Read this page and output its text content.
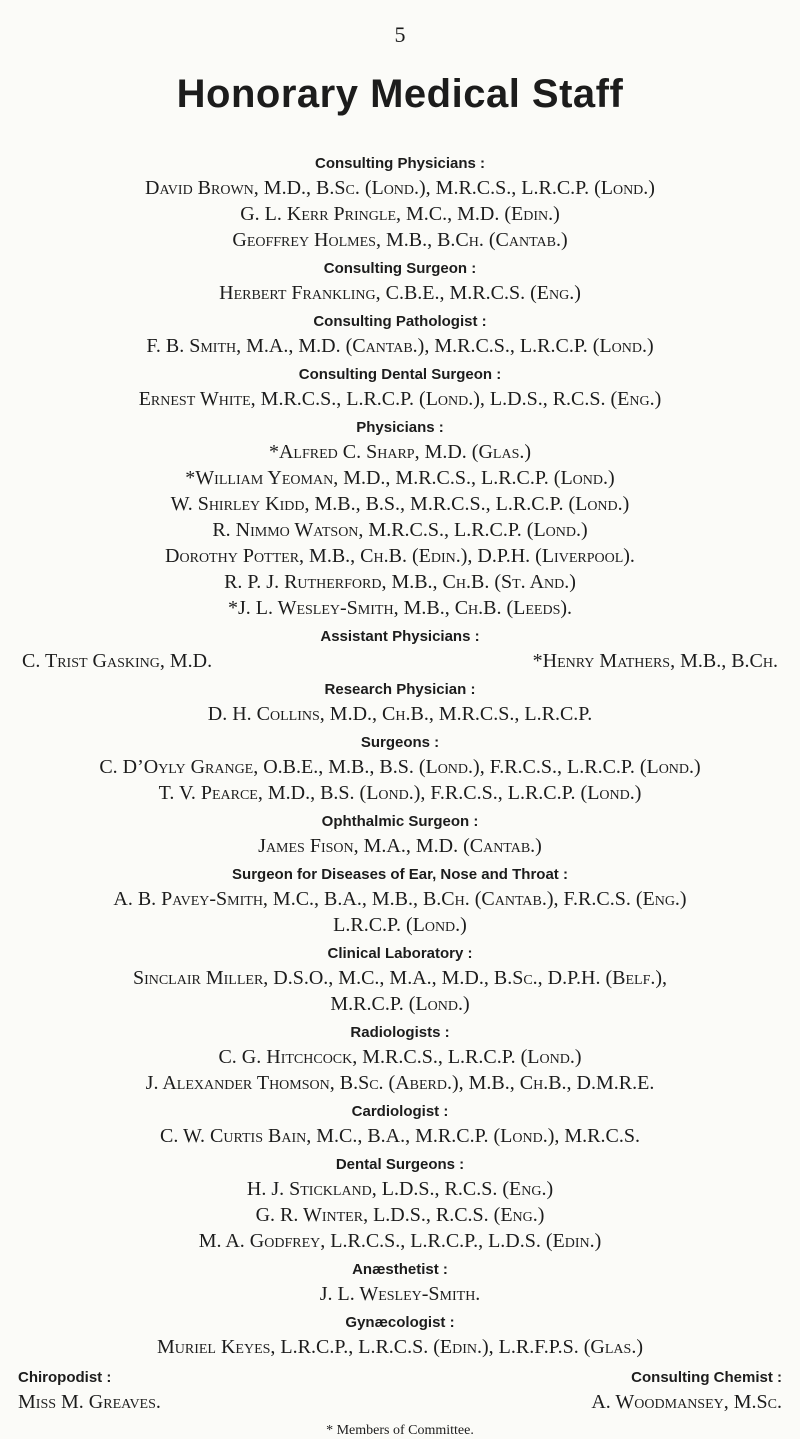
5
Honorary Medical Staff
Consulting Physicians :
David Brown, M.D., B.Sc. (Lond.), M.R.C.S., L.R.C.P. (Lond.)
G. L. Kerr Pringle, M.C., M.D. (Edin.)
Geoffrey Holmes, M.B., B.Ch. (Cantab.)
Consulting Surgeon :
Herbert Frankling, C.B.E., M.R.C.S. (Eng.)
Consulting Pathologist :
F. B. Smith, M.A., M.D. (Cantab.), M.R.C.S., L.R.C.P. (Lond.)
Consulting Dental Surgeon :
Ernest White, M.R.C.S., L.R.C.P. (Lond.), L.D.S., R.C.S. (Eng.)
Physicians :
*Alfred C. Sharp, M.D. (Glas.)
*William Yeoman, M.D., M.R.C.S., L.R.C.P. (Lond.)
W. Shirley Kidd, M.B., B.S., M.R.C.S., L.R.C.P. (Lond.)
R. Nimmo Watson, M.R.C.S., L.R.C.P. (Lond.)
Dorothy Potter, M.B., Ch.B. (Edin.), D.P.H. (Liverpool).
R. P. J. Rutherford, M.B., Ch.B. (St. And.)
*J. L. Wesley-Smith, M.B., Ch.B. (Leeds).
Assistant Physicians :
C. Trist Gasking, M.D.	*Henry Mathers, M.B., B.Ch.
Research Physician :
D. H. Collins, M.D., Ch.B., M.R.C.S., L.R.C.P.
Surgeons :
C. D’Oyly Grange, O.B.E., M.B., B.S. (Lond.), F.R.C.S., L.R.C.P. (Lond.)
T. V. Pearce, M.D., B.S. (Lond.), F.R.C.S., L.R.C.P. (Lond.)
Ophthalmic Surgeon :
James Fison, M.A., M.D. (Cantab.)
Surgeon for Diseases of Ear, Nose and Throat :
A. B. Pavey-Smith, M.C., B.A., M.B., B.Ch. (Cantab.), F.R.C.S. (Eng.)
L.R.C.P. (Lond.)
Clinical Laboratory :
Sinclair Miller, D.S.O., M.C., M.A., M.D., B.Sc., D.P.H. (Belf.),
M.R.C.P. (Lond.)
Radiologists :
C. G. Hitchcock, M.R.C.S., L.R.C.P. (Lond.)
J. Alexander Thomson, B.Sc. (Aberd.), M.B., Ch.B., D.M.R.E.
Cardiologist :
C. W. Curtis Bain, M.C., B.A., M.R.C.P. (Lond.), M.R.C.S.
Dental Surgeons :
H. J. Stickland, L.D.S., R.C.S. (Eng.)
G. R. Winter, L.D.S., R.C.S. (Eng.)
M. A. Godfrey, L.R.C.S., L.R.C.P., L.D.S. (Edin.)
Anæsthetist :
J. L. Wesley-Smith.
Gynæcologist :
Muriel Keyes, L.R.C.P., L.R.C.S. (Edin.), L.R.F.P.S. (Glas.)
Chiropodist :
Miss M. Greaves.
Consulting Chemist :
A. Woodmansey, M.Sc.
* Members of Committee.
